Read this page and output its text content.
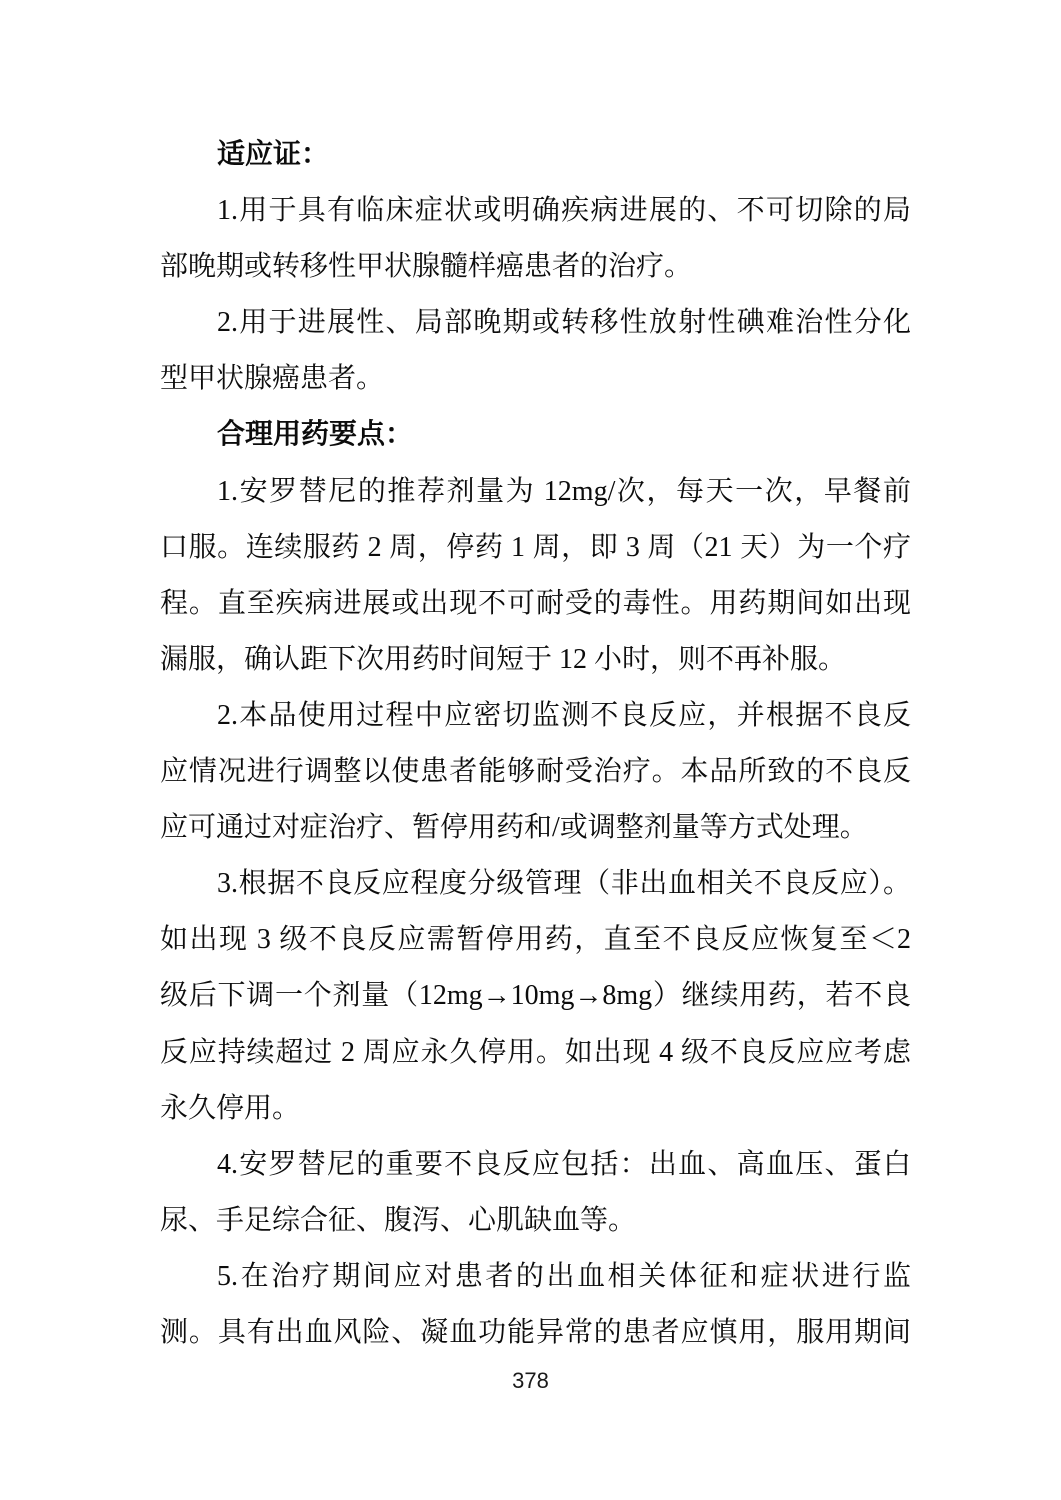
适应证：
1.用于具有临床症状或明确疾病进展的、不可切除的局
部晚期或转移性甲状腺髓样癌患者的治疗。
2.用于进展性、局部晚期或转移性放射性碘难治性分化
型甲状腺癌患者。
合理用药要点：
1.安罗替尼的推荐剂量为 12mg/次，每天一次，早餐前
口服。连续服药 2 周，停药 1 周，即 3 周（21 天）为一个疗
程。直至疾病进展或出现不可耐受的毒性。用药期间如出现
漏服，确认距下次用药时间短于 12 小时，则不再补服。
2.本品使用过程中应密切监测不良反应，并根据不良反
应情况进行调整以使患者能够耐受治疗。本品所致的不良反
应可通过对症治疗、暂停用药和/或调整剂量等方式处理。
3.根据不良反应程度分级管理（非出血相关不良反应）。
如出现 3 级不良反应需暂停用药，直至不良反应恢复至＜2
级后下调一个剂量（12mg→10mg→8mg）继续用药，若不良
反应持续超过 2 周应永久停用。如出现 4 级不良反应应考虑
永久停用。
4.安罗替尼的重要不良反应包括：出血、高血压、蛋白
尿、手足综合征、腹泻、心肌缺血等。
5.在治疗期间应对患者的出血相关体征和症状进行监
测。具有出血风险、凝血功能异常的患者应慎用，服用期间
378
